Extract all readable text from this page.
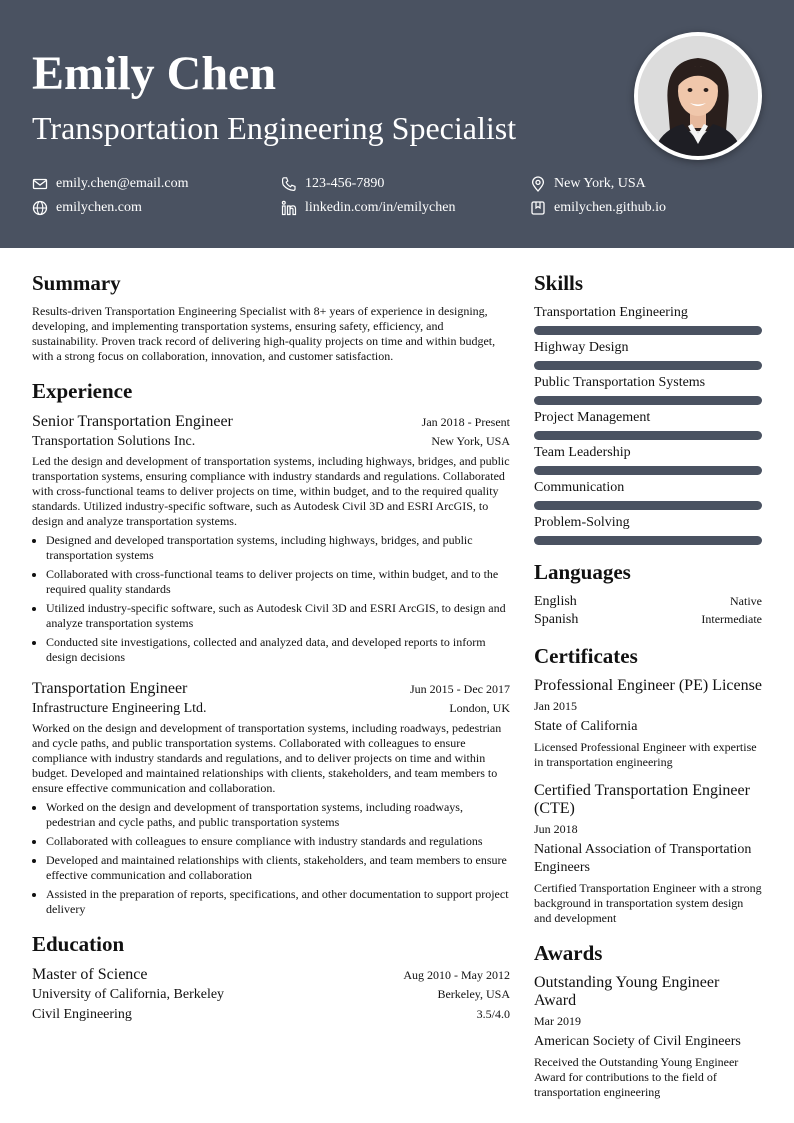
Emily Chen
Transportation Engineering Specialist
emily.chen@email.com	123-456-7890	New York, USA
emilychen.com	linkedin.com/in/emilychen	emilychen.github.io
Summary

Results-driven Transportation Engineering Specialist with 8+ years of experience in designing, developing, and implementing transportation systems, ensuring safety, efficiency, and sustainability. Proven track record of delivering high-quality projects on time and within budget, with a strong focus on collaboration, innovation, and customer satisfaction.

Experience
Senior Transportation Engineer	Jan 2018 - Present
Transportation Solutions Inc.	New York, USA

Led the design and development of transportation systems, including highways, bridges, and public transportation systems, ensuring compliance with industry standards and regulations. Collaborated with cross-functional teams to deliver projects on time, within budget, and to the required quality standards. Utilized industry-specific software, such as Autodesk Civil 3D and ESRI ArcGIS, to design and analyze transportation systems.

• Designed and developed transportation systems, including highways, bridges, and public transportation systems
• Collaborated with cross-functional teams to deliver projects on time, within budget, and to the required quality standards
• Utilized industry-specific software, such as Autodesk Civil 3D and ESRI ArcGIS, to design and analyze transportation systems
• Conducted site investigations, collected and analyzed data, and developed reports to inform design decisions
Transportation Engineer	Jun 2015 - Dec 2017
Infrastructure Engineering Ltd.	London, UK

Worked on the design and development of transportation systems, including roadways, pedestrian and cycle paths, and public transportation systems. Collaborated with colleagues to ensure compliance with industry standards and regulations, and to deliver projects on time and within budget. Developed and maintained relationships with clients, stakeholders, and team members to ensure effective communication and collaboration.

• Worked on the design and development of transportation systems, including roadways, pedestrian and cycle paths, and public transportation systems
• Collaborated with colleagues to ensure compliance with industry standards and regulations
• Developed and maintained relationships with clients, stakeholders, and team members to ensure effective communication and collaboration
• Assisted in the preparation of reports, specifications, and other documentation to support project delivery
Education
Master of Science	Aug 2010 - May 2012
University of California, Berkeley	Berkeley, USA
Civil Engineering	3.5/4.0
Skills
Transportation Engineering
Highway Design
Public Transportation Systems
Project Management
Team Leadership
Communication
Problem-Solving
Languages
English	Native
Spanish	Intermediate
Certificates
Professional Engineer (PE) License
Jan 2015
State of California
Licensed Professional Engineer with expertise in transportation engineering
Certified Transportation Engineer (CTE)
Jun 2018
National Association of Transportation Engineers
Certified Transportation Engineer with a strong background in transportation system design and development
Awards
Outstanding Young Engineer Award
Mar 2019
American Society of Civil Engineers
Received the Outstanding Young Engineer Award for contributions to the field of transportation engineering
